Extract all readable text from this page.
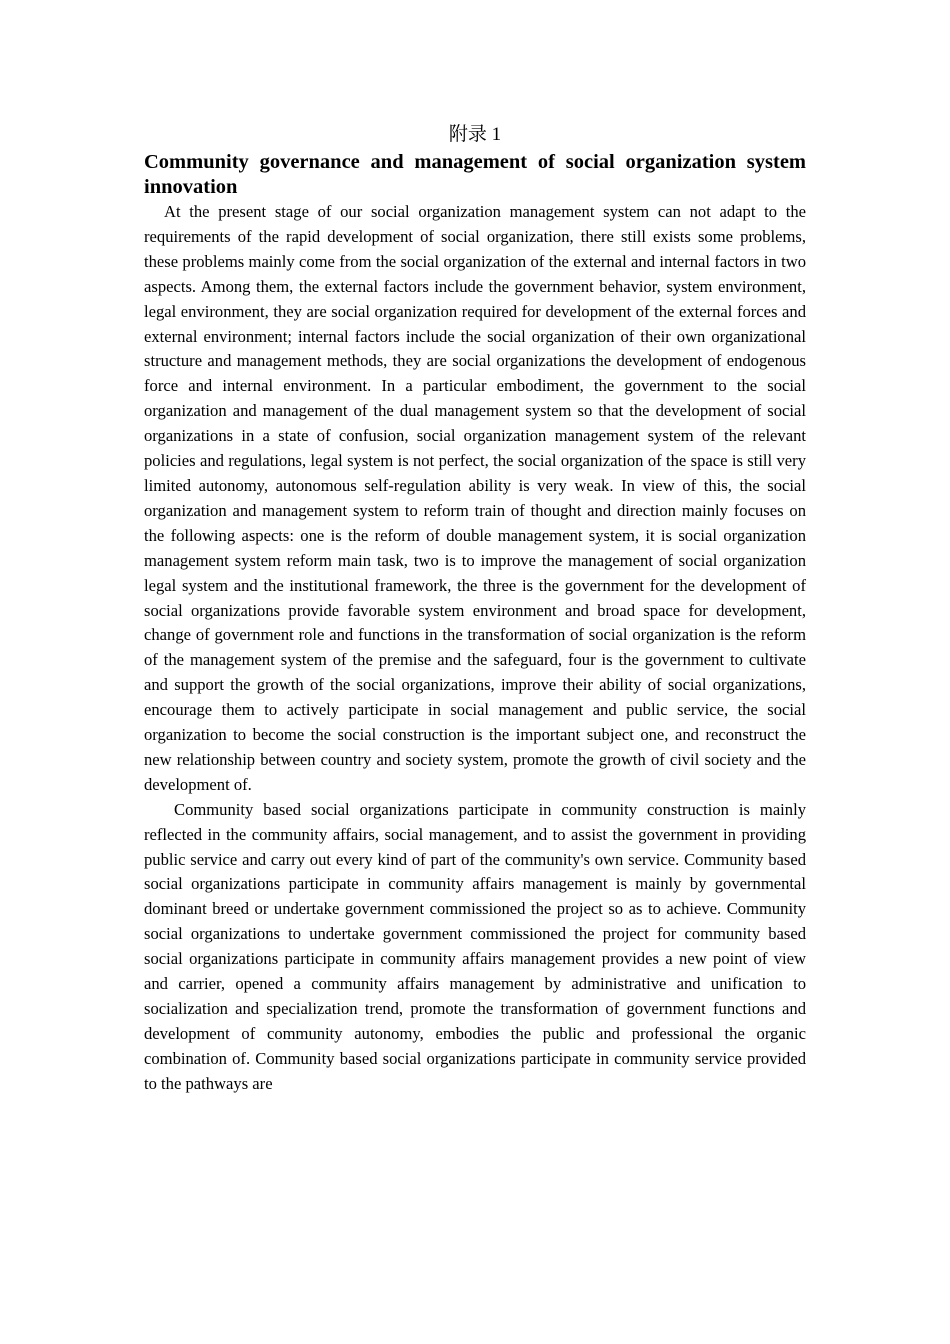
附录 1
Community governance and management of social organization system innovation

At the present stage of our social organization management system can not adapt to the requirements of the rapid development of social organization, there still exists some problems, these problems mainly come from the social organization of the external and internal factors in two aspects. Among them, the external factors include the government behavior, system environment, legal environment, they are social organization required for development of the external forces and external environment; internal factors include the social organization of their own organizational structure and management methods, they are social organizations the development of endogenous force and internal environment. In a particular embodiment, the government to the social organization and management of the dual management system so that the development of social organizations in a state of confusion, social organization management system of the relevant policies and regulations, legal system is not perfect, the social organization of the space is still very limited autonomy, autonomous self-regulation ability is very weak. In view of this, the social organization and management system to reform train of thought and direction mainly focuses on the following aspects: one is the reform of double management system, it is social organization management system reform main task, two is to improve the management of social organization legal system and the institutional framework, the three is the government for the development of social organizations provide favorable system environment and broad space for development, change of government role and functions in the transformation of social organization is the reform of the management system of the premise and the safeguard, four is the government to cultivate and support the growth of the social organizations, improve their ability of social organizations, encourage them to actively participate in social management and public service, the social organization to become the social construction is the important subject one, and reconstruct the new relationship between country and society system, promote the growth of civil society and the development of.

Community based social organizations participate in community construction is mainly reflected in the community affairs, social management, and to assist the government in providing public service and carry out every kind of part of the community's own service. Community based social organizations participate in community affairs management is mainly by governmental dominant breed or undertake government commissioned the project so as to achieve. Community social organizations to undertake government commissioned the project for community based social organizations participate in community affairs management provides a new point of view and carrier, opened a community affairs management by administrative and unification to socialization and specialization trend, promote the transformation of government functions and development of community autonomy, embodies the public and professional the organic combination of. Community based social organizations participate in community service provided to the pathways are
